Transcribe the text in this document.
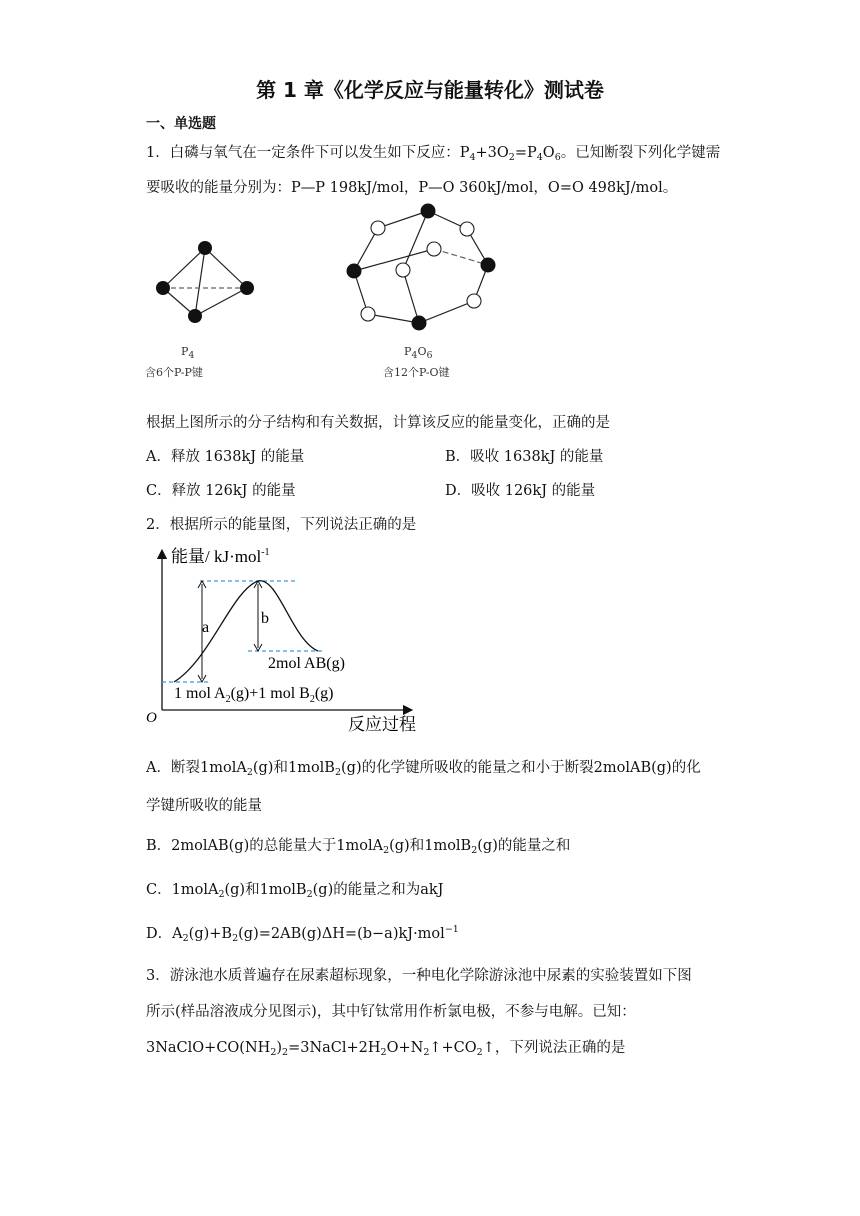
第 1 章《化学反应与能量转化》测试卷
一、单选题
1．白磷与氧气在一定条件下可以发生如下反应：$P_4+3O_2=P_4O_6$。已知断裂下列化学键需
要吸收的能量分别为：P—P 198kJ/mol，P—O 360kJ/mol，O=O 498kJ/mol。
$P_4$
含6个P-P键
$P_4O_6$
含12个P-O键
根据上图所示的分子结构和有关数据，计算该反应的能量变化，正确的是
A．释放 1638kJ 的能量	B．吸收 1638kJ 的能量
C．释放 126kJ 的能量	D．吸收 126kJ 的能量
2．根据所示的能量图，下列说法正确的是
能量/ kJ·mol$^{-1}$
反应过程
O
a
b
2mol AB(g)
1 mol $A_2(g)+1$ mol $B_2(g)$
A．断裂1molA$_2$(g)和1molB$_2$(g)的化学键所吸收的能量之和小于断裂2molAB(g)的化
学键所吸收的能量
B．2molAB(g)的总能量大于1molA$_2$(g)和1molB$_2$(g)的能量之和
C．1molA$_2$(g)和1molB$_2$(g)的能量之和为akJ
D．$A_2(g)+B_2(g)=2AB(g)\Delta H=(b-a)kJ\cdot mol^{-1}$
3．游泳池水质普遍存在尿素超标现象，一种电化学除游泳池中尿素的实验装置如下图
所示(样品溶液成分见图示)，其中钌钛常用作析氯电极，不参与电解。已知：
$3NaClO+CO(NH_2)_2=3NaCl+2H_2O+N_2↑+CO_2↑$，下列说法正确的是
